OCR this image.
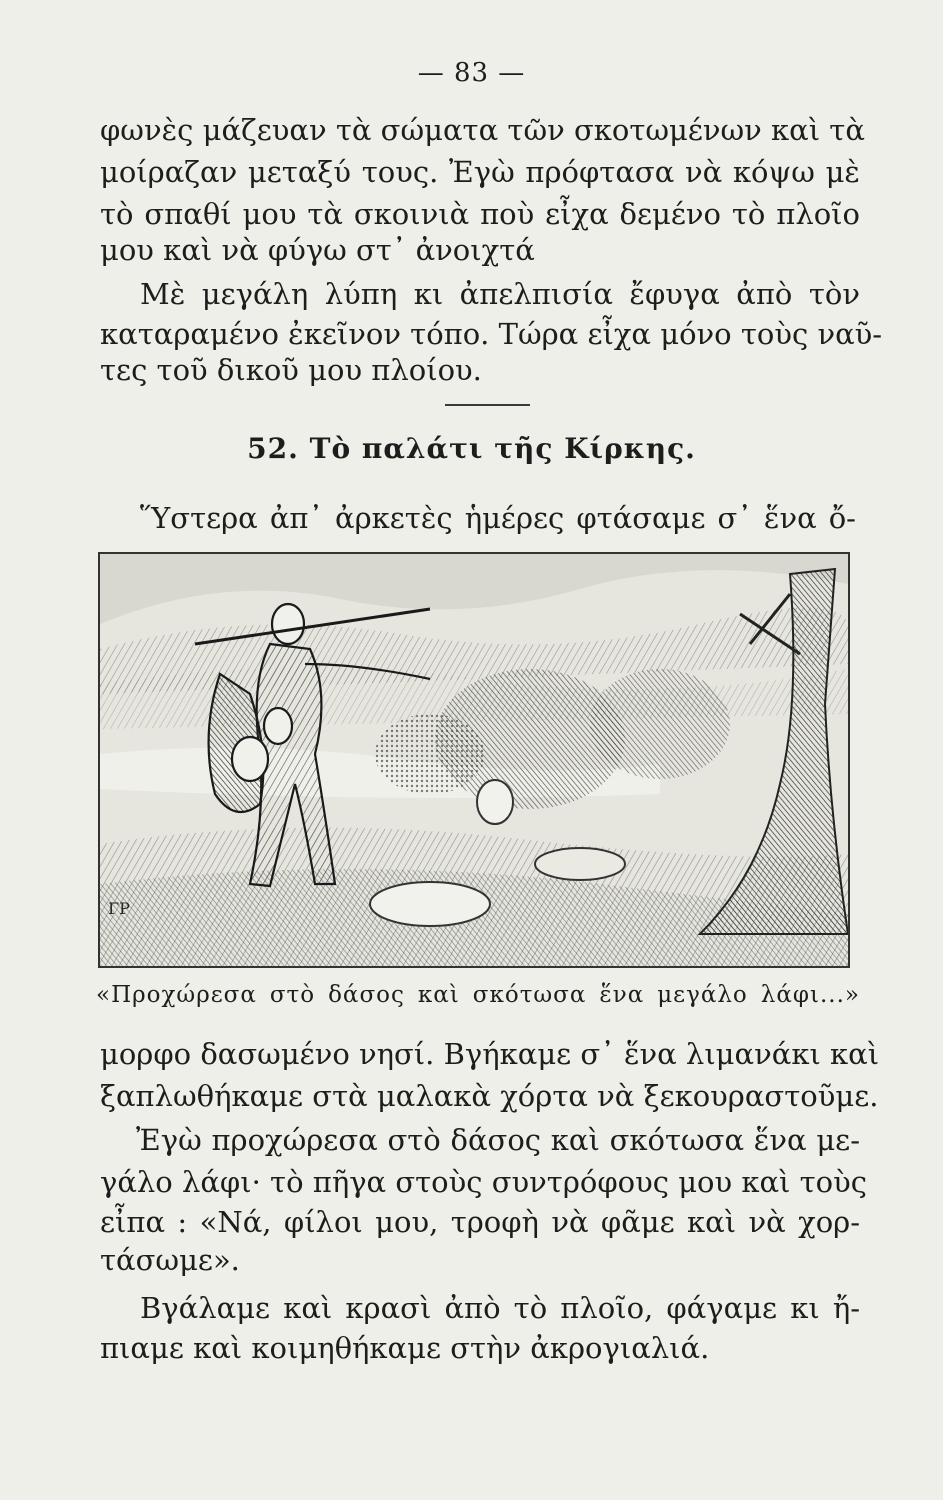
— 83 —
φωνὲς μάζευαν τὰ σώματα τῶν σκοτωμένων καὶ τὰ
μοίραζαν μεταξύ τους. Ἐγὼ πρόφτασα νὰ κόψω μὲ
τὸ σπαθί μου τὰ σκοινιὰ ποὺ εἶχα δεμένο τὸ πλοῖο
μου καὶ νὰ φύγω στ᾽ ἀνοιχτά
Μὲ μεγάλη λύπη κι ἀπελπισία ἔφυγα ἀπὸ τὸν
καταραμένο ἐκεῖνον τόπο. Τώρα εἶχα μόνο τοὺς ναῦ-
τες τοῦ δικοῦ μου πλοίου.
52. Τὸ παλάτι τῆς Κίρκης.
Ὕστερα ἀπ᾽ ἀρκετὲς ἡμέρες φτάσαμε σ᾽ ἕνα ὄ-
ΓΡ
«Προχώρεσα στὸ δάσος καὶ σκότωσα ἕνα μεγάλο λάφι...»
μορφο δασωμένο νησί. Βγήκαμε σ᾽ ἕνα λιμανάκι καὶ
ξαπλωθήκαμε στὰ μαλακὰ χόρτα νὰ ξεκουραστοῦμε.
Ἐγὼ προχώρεσα στὸ δάσος καὶ σκότωσα ἕνα με-
γάλο λάφι· τὸ πῆγα στοὺς συντρόφους μου καὶ τοὺς
εἶπα : «Νά, φίλοι μου, τροφὴ νὰ φᾶμε καὶ νὰ χορ-
τάσωμε».
Βγάλαμε καὶ κρασὶ ἀπὸ τὸ πλοῖο, φάγαμε κι ἤ-
πιαμε καὶ κοιμηθήκαμε στὴν ἀκρογιαλιά.
